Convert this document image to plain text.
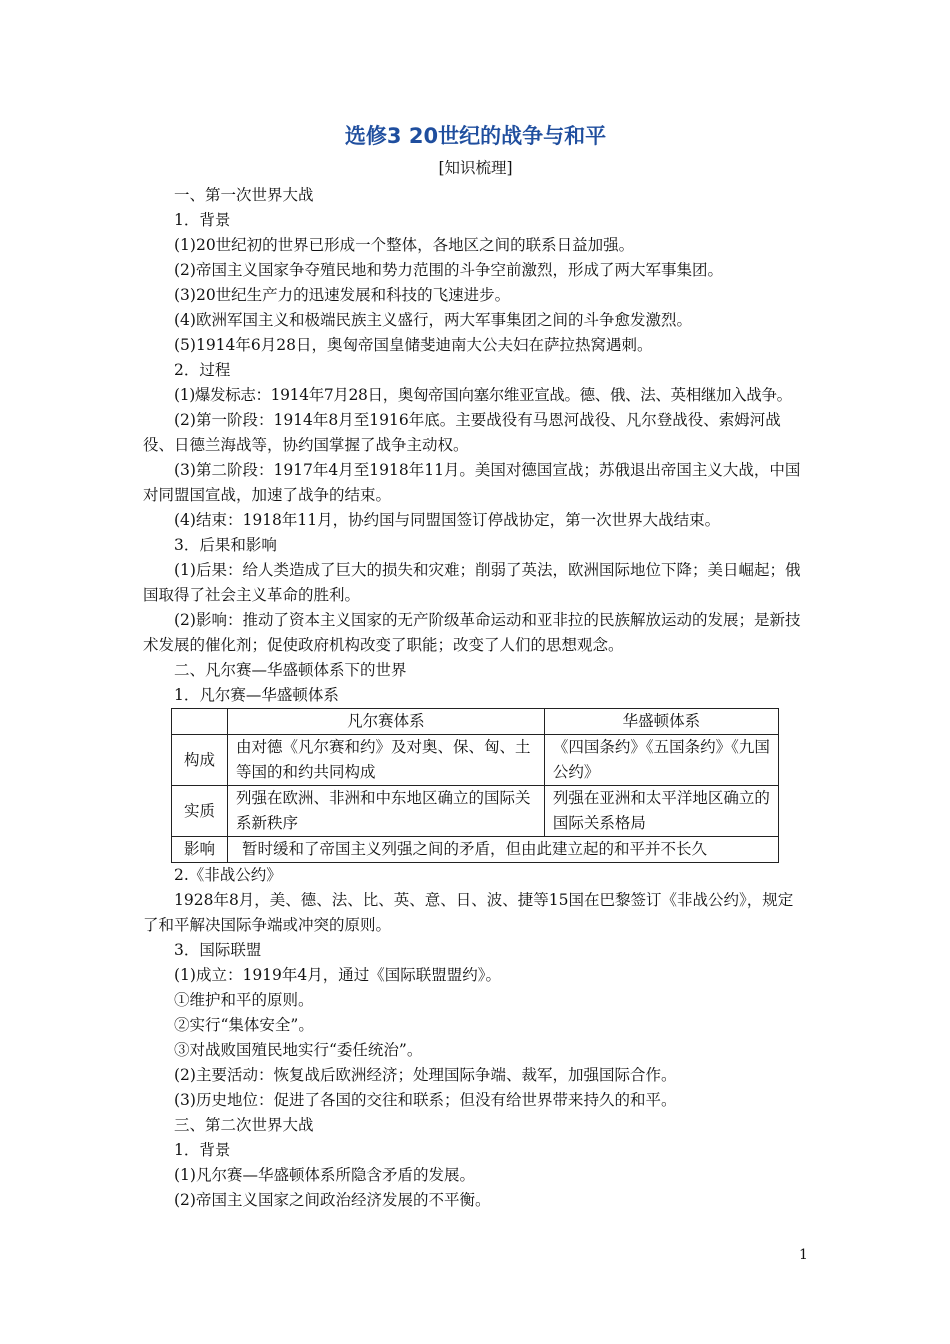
选修3 20世纪的战争与和平
[知识梳理]

一、第一次世界大战

1．背景

(1)20世纪初的世界已形成一个整体，各地区之间的联系日益加强。

(2)帝国主义国家争夺殖民地和势力范围的斗争空前激烈，形成了两大军事集团。

(3)20世纪生产力的迅速发展和科技的飞速进步。

(4)欧洲军国主义和极端民族主义盛行，两大军事集团之间的斗争愈发激烈。

(5)1914年6月28日，奥匈帝国皇储斐迪南大公夫妇在萨拉热窝遇刺。

2．过程

(1)爆发标志：1914年7月28日，奥匈帝国向塞尔维亚宣战。德、俄、法、英相继加入战争。

(2)第一阶段：1914年8月至1916年底。主要战役有马恩河战役、凡尔登战役、索姆河战役、日德兰海战等，协约国掌握了战争主动权。

(3)第二阶段：1917年4月至1918年11月。美国对德国宣战；苏俄退出帝国主义大战，中国对同盟国宣战，加速了战争的结束。

(4)结束：1918年11月，协约国与同盟国签订停战协定，第一次世界大战结束。

3．后果和影响

(1)后果：给人类造成了巨大的损失和灾难；削弱了英法，欧洲国际地位下降；美日崛起；俄国取得了社会主义革命的胜利。

(2)影响：推动了资本主义国家的无产阶级革命运动和亚非拉的民族解放运动的发展；是新技术发展的催化剂；促使政府机构改变了职能；改变了人们的思想观念。

二、凡尔赛—华盛顿体系下的世界

1．凡尔赛—华盛顿体系

	凡尔赛体系	华盛顿体系
构成	由对德《凡尔赛和约》及对奥、保、匈、土等国的和约共同构成	《四国条约》《五国条约》《九国公约》
实质	列强在欧洲、非洲和中东地区确立的国际关系新秩序	列强在亚洲和太平洋地区确立的国际关系格局
影响	暂时缓和了帝国主义列强之间的矛盾，但由此建立起的和平并不长久	

2.《非战公约》

1928年8月，美、德、法、比、英、意、日、波、捷等15国在巴黎签订《非战公约》，规定了和平解决国际争端或冲突的原则。

3．国际联盟

(1)成立：1919年4月，通过《国际联盟盟约》。

①维护和平的原则。

②实行“集体安全”。

③对战败国殖民地实行“委任统治”。

(2)主要活动：恢复战后欧洲经济；处理国际争端、裁军，加强国际合作。

(3)历史地位：促进了各国的交往和联系；但没有给世界带来持久的和平。

三、第二次世界大战

1．背景

(1)凡尔赛—华盛顿体系所隐含矛盾的发展。

(2)帝国主义国家之间政治经济发展的不平衡。

1
